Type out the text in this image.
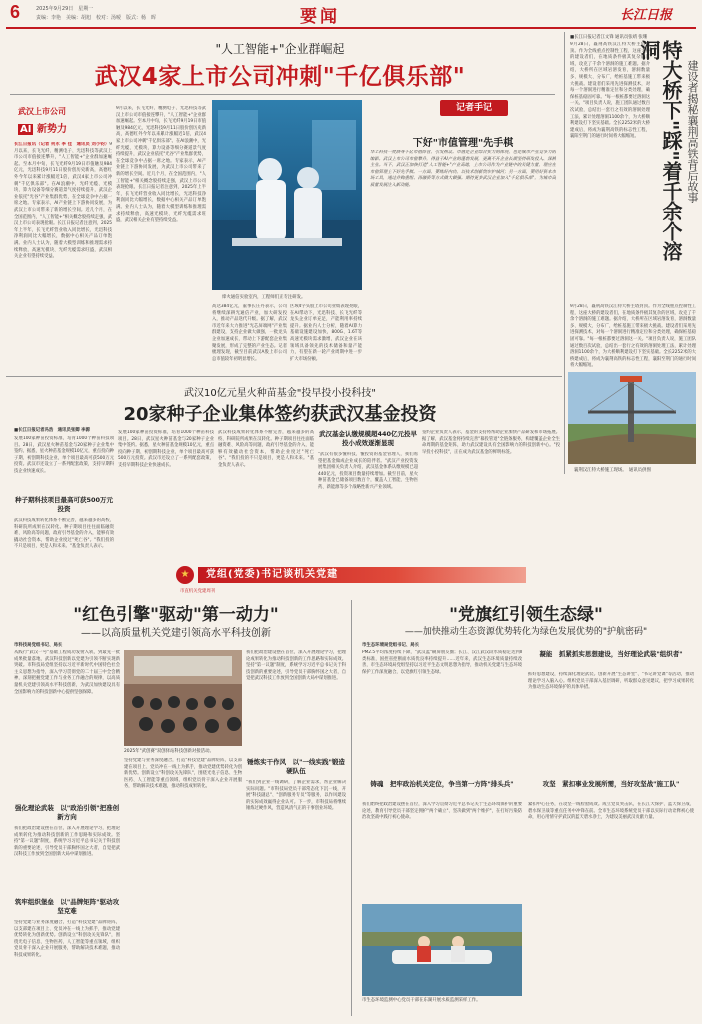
6	2025年9月29日　星期一
责编：李艳　美编：胡旭　校对：汤嗳　版式：杨　晖	要闻	长江日报
"人工智能+"企业群崛起
武汉4家上市公司冲刺"千亿俱乐部"
武汉上市公司
AI 新势力
长江日报讯（记者 何永 李 佳　通讯员 刘小钧）9月以来，长飞光纤、精测电子、光迅科技等武汉上市公司市值接连攀升，"人工智能+"企业群加速崛起。至本月中旬，长飞光纤9月19日市值触及984亿元，光迅科技9月11日股价创历史新高，高德红外今年以来累计涨幅近1倍，武汉4家上市公司冲刺"千亿俱乐部"。在AI浪潮中，光纤光缆、光模块、算力设备等细分赛道景气度持续提升，武汉企业依托"光谷"产业集群优势，在全球竞争中占据一席之地。专家表示，AI产业链上下游协同发展，为武汉上市公司带来了新的增长空间。近几个月，在全国范围内，"人工智能+"相关概念股持续走强，武汉上市公司表现抢眼。长江日报记者注意到，2025年上半年，长飞光纤营业收入同比增长，光迅科技净利润同比大幅增长，数据中心相关产品订单饱满。业内人士认为，随着大模型训练和推理需求持续释放，高速光模块、光纤光缆需求旺盛，武汉相关企业有望持续受益。
9月以来，长飞光纤、精测电子、光迅科技等武汉上市公司市值接连攀升，"人工智能+"企业群加速崛起。至本月中旬，长飞光纤9月19日市值触及984亿元，光迅科技9月11日股价创历史新高，高德红外今年以来累计涨幅近1倍，武汉4家上市公司冲刺"千亿俱乐部"。在AI浪潮中，光纤光缆、光模块、算力设备等细分赛道景气度持续提升，武汉企业依托"光谷"产业集群优势，在全球竞争中占据一席之地。专家表示，AI产业链上下游协同发展，为武汉上市公司带来了新的增长空间。近几个月，在全国范围内，"人工智能+"相关概念股持续走强，武汉上市公司表现抢眼。长江日报记者注意到，2025年上半年，长飞光纤营业收入同比增长，光迅科技净利润同比大幅增长，数据中心相关产品订单饱满。业内人士认为，随着大模型训练和推理需求持续释放，高速光模块、光纤光缆需求旺盛，武汉相关企业有望持续受益。
烽火通信实验室内，工程师们正专注研发。
高达384亿元，董事长庄丹表示，公司将继续深耕光通信产业，加大研发投入，推动产品迭代升级。据了解，武汉市近年来大力推进"光芯屏端网"产业集群建设，支持企业做大做强，一批龙头企业加速成长，带动上下游配套企业集聚发展，形成了完整的产业生态。记者梳理发现，截至目前武汉A股上市公司总市值较年初明显增长。
区域4字头股上市公司业绩表现亮眼，在AI带动下，光迅科技、长飞光纤等龙头企业订单充足，产能利用率持续提升。据业内人士分析，随着AI算力基础设施建设加快，800G、1.6T等高速光模块需求激增，武汉企业在该领域具备领先的技术储备和量产能力，有望在新一轮产业周期中进一步扩大市场份额。
记者手记
下好"市值管理"先手棋
华工科技一度跻身千亿市值阵营，引发热议。市值是企业综合实力的体现，也是城市产业竞争力的缩影。武汉上市公司市值攀升，得益于AI产业的蓬勃发展，更离不开企业长期坚持研发投入、深耕主业。当下，武汉正加快打造"人工智能+"产业高地，上市公司作为产业链中的关键力量，理应在市值管理上下好先手棋。一方面，要练好内功，以技术创新筑牢护城河；另一方面，要用好资本市场工具，通过并购重组、再融资等方式做大做强。期待更多武汉企业加入"千亿俱乐部"，为城市高质量发展注入新动能。
■长江日报记者江文锋 通讯员张靖 张珊
9月28日，襄荆高铁汉江特大桥主塔封顶。作为全线重点控制性工程，这座大桥的建设者们，在地质条件极其复杂的区域，攻克了千余个溶洞的施工难题。据介绍，大桥所在区域岩溶发育，溶洞数量多、规模大、分布广，给桩基施工带来极大挑战。建设者们采用先进探测技术，对每一个溶洞进行精准定位和分类处理，确保桩基稳固可靠。"每一根桩都要过溶洞这一关。"项目负责人说，施工团队通过数百次试验，总结出一套行之有效的溶洞处理工法，累计处理溶洞1100余个，为大桥顺利建设打下坚实基础。全长2252米的大桥建成后，将成为襄荆高铁的标志性工程，襄阳至荆门的通行时间将大幅缩短。	特大桥下"踩"着千余个溶洞
建设者揭秘襄荆高铁背后故事
9月28日，襄荆高铁汉江特大桥主塔封顶。作为全线重点控制性工程，这座大桥的建设者们，在地质条件极其复杂的区域，攻克了千余个溶洞的施工难题。据介绍，大桥所在区域岩溶发育，溶洞数量多、规模大、分布广，给桩基施工带来极大挑战。建设者们采用先进探测技术，对每一个溶洞进行精准定位和分类处理，确保桩基稳固可靠。"每一根桩都要过溶洞这一关。"项目负责人说，施工团队通过数百次试验，总结出一套行之有效的溶洞处理工法，累计处理溶洞1100余个，为大桥顺利建设打下坚实基础。全长2252米的大桥建成后，将成为襄荆高铁的标志性工程，襄阳至荆门的通行时间将大幅缩短。
襄荆汉江特大桥施工现场。　通讯员供图
武汉10亿元星火种苗基金"投早投小投科技"
20家种子企业集体签约获武汉基金投资
■长江日报记者冯浩　通讯员张卿 李源
发展100家种苗投资标准，培育1000个种苗科技项目。28日，武汉星火种苗基金与20家种子企业集中签约。据悉，星火种苗基金规模10亿元，重点投向种子期、初创期科技企业，单个项目最高可获500万元投资。武汉市还设立了一系列配套政策，支持早期科技企业快速成长。
种子期科技项目最高可获500万元投资
武汉科技成果转化体系不断完善，越来越多的高校、科研院所成果在汉转化。种子期项目往往面临融资难、风险高等问题，政府引导基金的介入，能够有效撬动社会资本，帮助企业度过"死亡谷"。"我们投的不只是项目，更是人和未来。"基金负责人表示。
发展100家种苗投资标准，培育1000个种苗科技项目。28日，武汉星火种苗基金与20家种子企业集中签约。据悉，星火种苗基金规模10亿元，重点投向种子期、初创期科技企业，单个项目最高可获500万元投资。武汉市还设立了一系列配套政策，支持早期科技企业快速成长。
武汉科技成果转化体系不断完善，越来越多的高校、科研院所成果在汉转化。种子期项目往往面临融资难、风险高等问题，政府引导基金的介入，能够有效撬动社会资本，帮助企业度过"死亡谷"。"我们投的不只是项目，更是人和未来。"基金负责人表示。
武汉基金认缴规模超440亿元投早投小成效逐渐显现
"武汉有很多懂科技、懂投资的基金管理人，我们希望把基金做成企业成长的陪伴者。"武汉产业投资发展集团相关负责人介绍，武汉基金体系认缴规模已超440亿元，投资项目数量持续增加。截至目前，星火种苗基金已储备项目数百个，覆盖人工智能、生物医药、新能源等多个战略性新兴产业领域。
签约企业负责人表示，基金的支持将帮助企业加快产品研发和市场拓展。据了解，武汉基金将持续完善"募投管退"全链条服务，构建覆盖企业全生命周期的基金矩阵，助力武汉建设具有全国影响力的科技创新中心。"投早投小投科技"，正在成为武汉基金的鲜明标签。
★	党组(党委)书记谈机关党建
市直机关党建周刊
"红色引擎"驱动"第一动力"
——以高质量机关党建引领高水平科技创新
市科技局党组书记、局长
从践行"武汉一号"基础工程成功发射入轨，到最先一批成果批量落地，武汉科技创新以党建为引领不断实现新突破。市科技局党组坚持以习近平新时代中国特色社会主义思想为指导，深入学习贯彻党的二十届三中全会精神，深刻把握党建工作与业务工作融合的规律，以高质量机关党建引领高水平科技创新，为武汉加快建设具有全国影响力的科技创新中心提供坚强保障。
强化理论武装　以"政治引领"把准创新方向
我们把政治建设摆在首位，深入开展理论学习，把理论成果转化为推动科技创新的工作思路和实际成效。坚持"第一议题"制度，系统学习习近平总书记关于科技创新的重要论述，引导党员干部胸怀国之大者，自觉把武汉科技工作放到全国创新大局中谋划推进。
筑牢组织堡垒　以"品牌矩阵"驱动攻坚克难
坚持党建与业务深度融合，打造"科技党建"品牌矩阵，以支部建在项目上、党员冲在一线上为抓手，推动党建优势转化为创新优势。创新设立"科创攻关先锋队"，围绕光电子信息、生物医药、人工智能等重点领域，组织党员骨干深入企业开展服务，帮助解决技术难题，推动科技成果转化。
2025年"武创赛"双创驿站科技创新对接活动。
坚持党建与业务深度融合，打造"科技党建"品牌矩阵，以支部建在项目上、党员冲在一线上为抓手，推动党建优势转化为创新优势。创新设立"科创攻关先锋队"，围绕光电子信息、生物医药、人工智能等重点领域，组织党员骨干深入企业开展服务，帮助解决技术难题，推动科技成果转化。
我们把政治建设摆在首位，深入开展理论学习，把理论成果转化为推动科技创新的工作思路和实际成效。坚持"第一议题"制度，系统学习习近平总书记关于科技创新的重要论述，引导党员干部胸怀国之大者，自觉把武汉科技工作放到全国创新大局中谋划推进。
锤炼实干作风　以"一线实践"锻造硬队伍
"我们到企业一线调研，了解企业需求，帮企业解决实际问题。"市科技局党员干部常态化下沉一线，开展"科技副总"、"创新服务专员"等服务，以作风建设的实际成效赢得企业认可。下一步，市科技局将继续锤炼过硬作风，营造风清气正的干事创业环境。
"党旗红引领生态绿"
——加快推动生态资源优势转化为绿色发展优势的"护航密码"
市生态环境局党组书记、局长
PM2.5平均浓度持续下降，"武汉蓝"刷屏朋友圈；长江、汉江武汉段水质稳定达到Ⅱ类标准，国控省控断面水质优良率持续提升……近年来，武汉生态环境质量持续改善，市生态环境局党组坚持以习近平生态文明思想为指导，推动机关党建与生态环境保护工作深度融合，以党旗红引领生态绿。
铸魂　把牢政治机关定位，争当第一方阵"排头兵"
我们始终把政治建设摆在首位，深入学习贯彻习近平总书记关于生态环境保护的重要论述，教育引导党员干部坚定拥护"两个确立"、坚决做到"两个维护"，在打好污染防治攻坚战中践行初心使命。
凝能　抓紧抓实思想建设，当好理论武装"组织者"
抓好思想建设，持续深化理论武装。创新开展"生态讲堂"、"书记讲党课"等活动，推动理论学习入脑入心。组织党员干部深入基层调研，听取群众意见建议，把学习成果转化为推动生态环境保护的具体举措。
攻坚　紧扣事业发展所需，当好攻坚战"施工队"
紧扣中心任务，在攻坚一线检验成效。成立党员突击队，在长江大保护、蓝天保卫战、碧水保卫战等重点任务中冲锋在前。全市生态环境系统党员干部以实际行动诠释初心使命，用心用情守护武汉的蓝天碧水净土，为建设美丽武汉贡献力量。
市生态环境监测中心党员干部在东湖开展水质监测采样工作。
